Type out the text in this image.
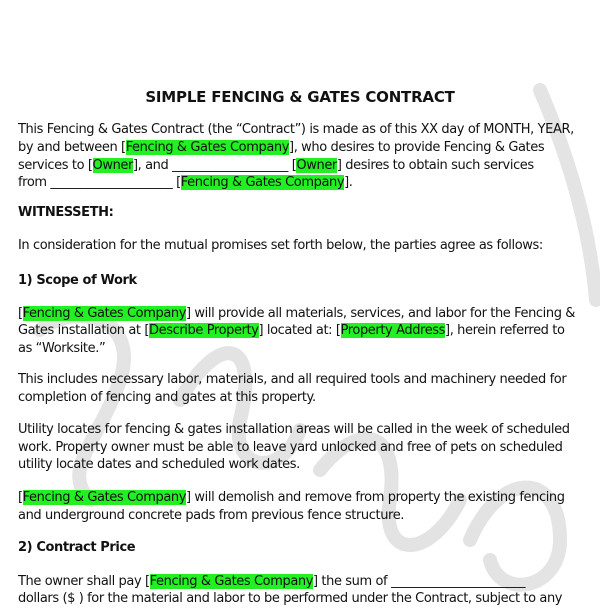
SIMPLE FENCING & GATES CONTRACT
This Fencing & Gates Contract (the “Contract”) is made as of this XX day of MONTH, YEAR,
by and between [Fencing & Gates Company], who desires to provide Fencing & Gates
services to [Owner], and ___________________ [Owner] desires to obtain such services
from ____________________ [Fencing & Gates Company].
WITNESSETH:
In consideration for the mutual promises set forth below, the parties agree as follows:
1) Scope of Work
[Fencing & Gates Company] will provide all materials, services, and labor for the Fencing &
Gates installation at [Describe Property] located at: [Property Address], herein referred to
as “Worksite.”
This includes necessary labor, materials, and all required tools and machinery needed for
completion of fencing and gates at this property.
Utility locates for fencing & gates installation areas will be called in the week of scheduled
work. Property owner must be able to leave yard unlocked and free of pets on scheduled
utility locate dates and scheduled work dates.
[Fencing & Gates Company] will demolish and remove from property the existing fencing
and underground concrete pads from previous fence structure.
2) Contract Price
The owner shall pay [Fencing & Gates Company] the sum of ______________________
dollars ($ ) for the material and labor to be performed under the Contract, subject to any
